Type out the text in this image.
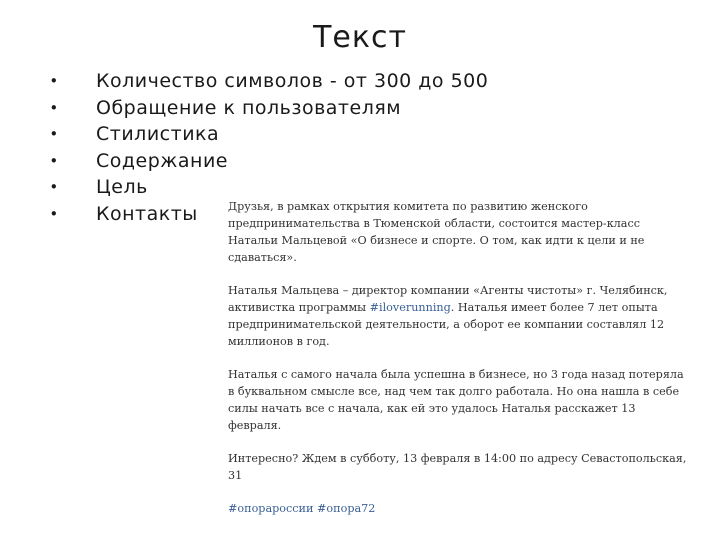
Текст
• Количество символов - от 300 до 500
• Обращение к пользователям
• Стилистика
• Содержание
• Цель
• Контакты	Друзья, в рамках открытия комитета по развитию женского предпринимательства в Тюменской области, состоится мастер-класс Натальи Мальцевой «О бизнесе и спорте. О том, как идти к цели и не сдаваться».

Наталья Мальцева – директор компании «Агенты чистоты» г. Челябинск, активистка программы #iloverunning. Наталья имеет более 7 лет опыта предпринимательской деятельности, а оборот ее компании составлял 12 миллионов в год.

Наталья с самого начала была успешна в бизнесе, но 3 года назад потеряла в буквальном смысле все, над чем так долго работала. Но она нашла в себе силы начать все с начала, как ей это удалось Наталья расскажет 13 февраля.

Интересно? Ждем в субботу, 13 февраля в 14:00 по адресу Севастопольская, 31

#опорароссии #опора72
